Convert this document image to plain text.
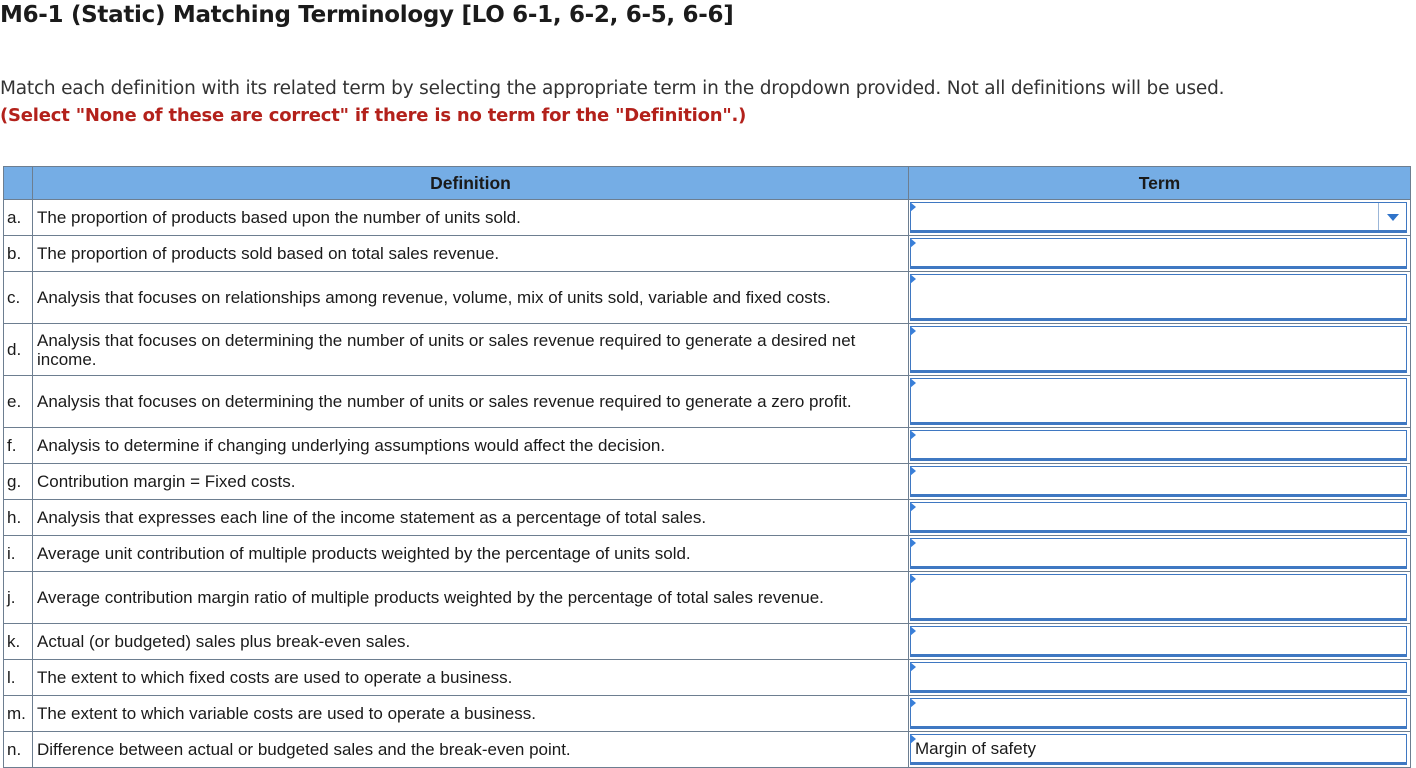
M6-1 (Static) Matching Terminology [LO 6-1, 6-2, 6-5, 6-6]
Match each definition with its related term by selecting the appropriate term in the dropdown provided. Not all definitions will be used.
(Select "None of these are correct" if there is no term for the "Definition".)
	Definition	Term
a.	The proportion of products based upon the number of units sold.	

b.	The proportion of products sold based on total sales revenue.	

c.	Analysis that focuses on relationships among revenue, volume, mix of units sold, variable and fixed costs.	

d.	Analysis that focuses on determining the number of units or sales revenue required to generate a desired net income.	

e.	Analysis that focuses on determining the number of units or sales revenue required to generate a zero profit.	

f.	Analysis to determine if changing underlying assumptions would affect the decision.	

g.	Contribution margin = Fixed costs.	

h.	Analysis that expresses each line of the income statement as a percentage of total sales.	

i.	Average unit contribution of multiple products weighted by the percentage of units sold.	

j.	Average contribution margin ratio of multiple products weighted by the percentage of total sales revenue.	

k.	Actual (or budgeted) sales plus break-even sales.	

l.	The extent to which fixed costs are used to operate a business.	

m.	The extent to which variable costs are used to operate a business.	

n.	Difference between actual or budgeted sales and the break-even point.	Margin of safety
